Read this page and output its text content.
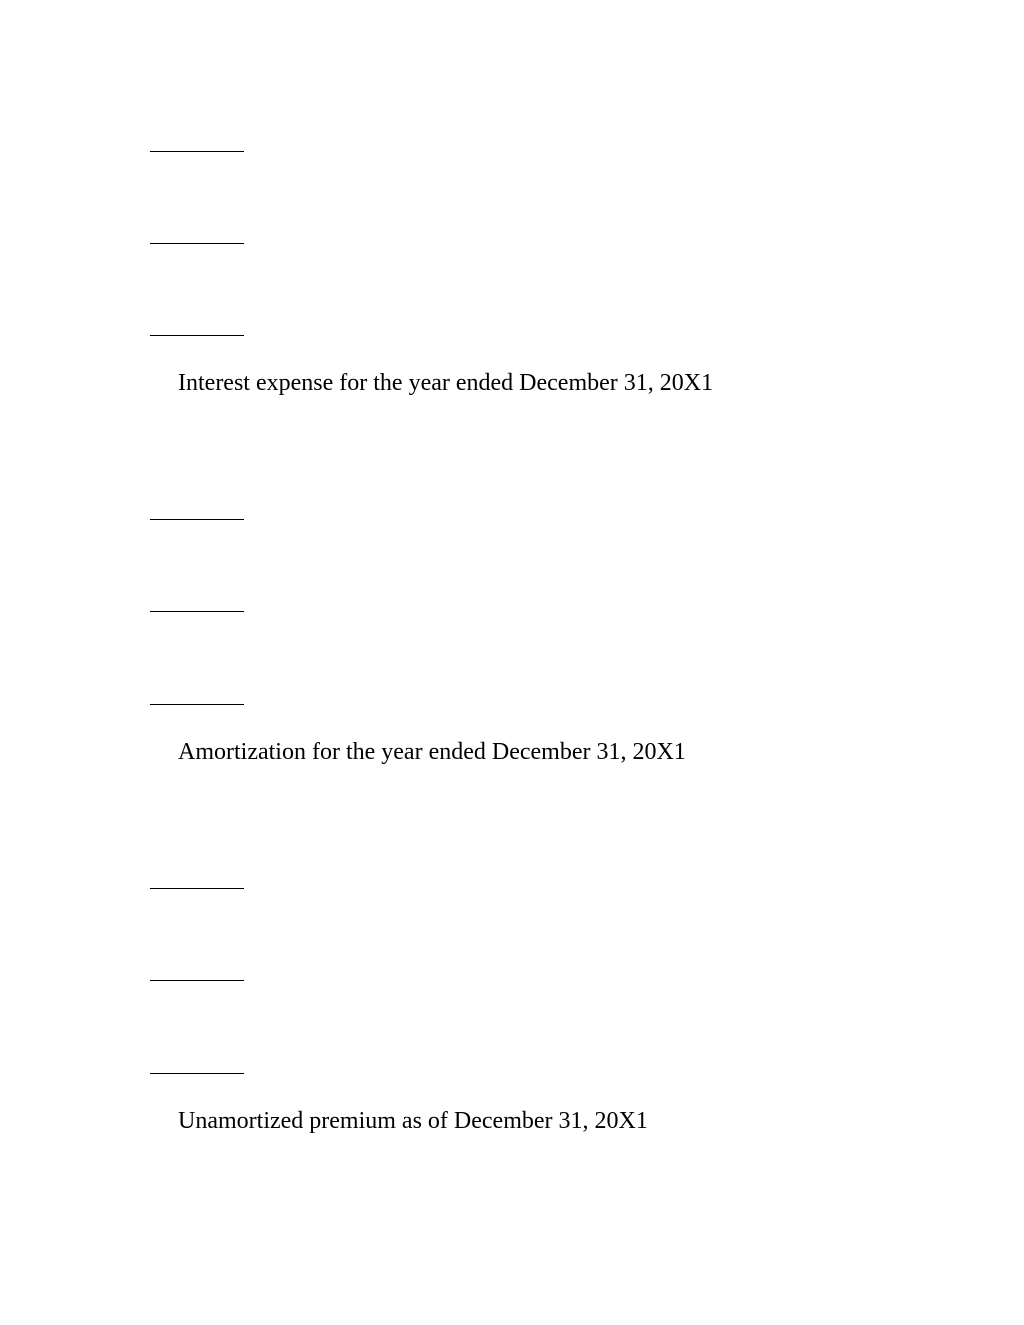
Interest expense for the year ended December 31, 20X1
Amortization for the year ended December 31, 20X1
Unamortized premium as of December 31, 20X1
